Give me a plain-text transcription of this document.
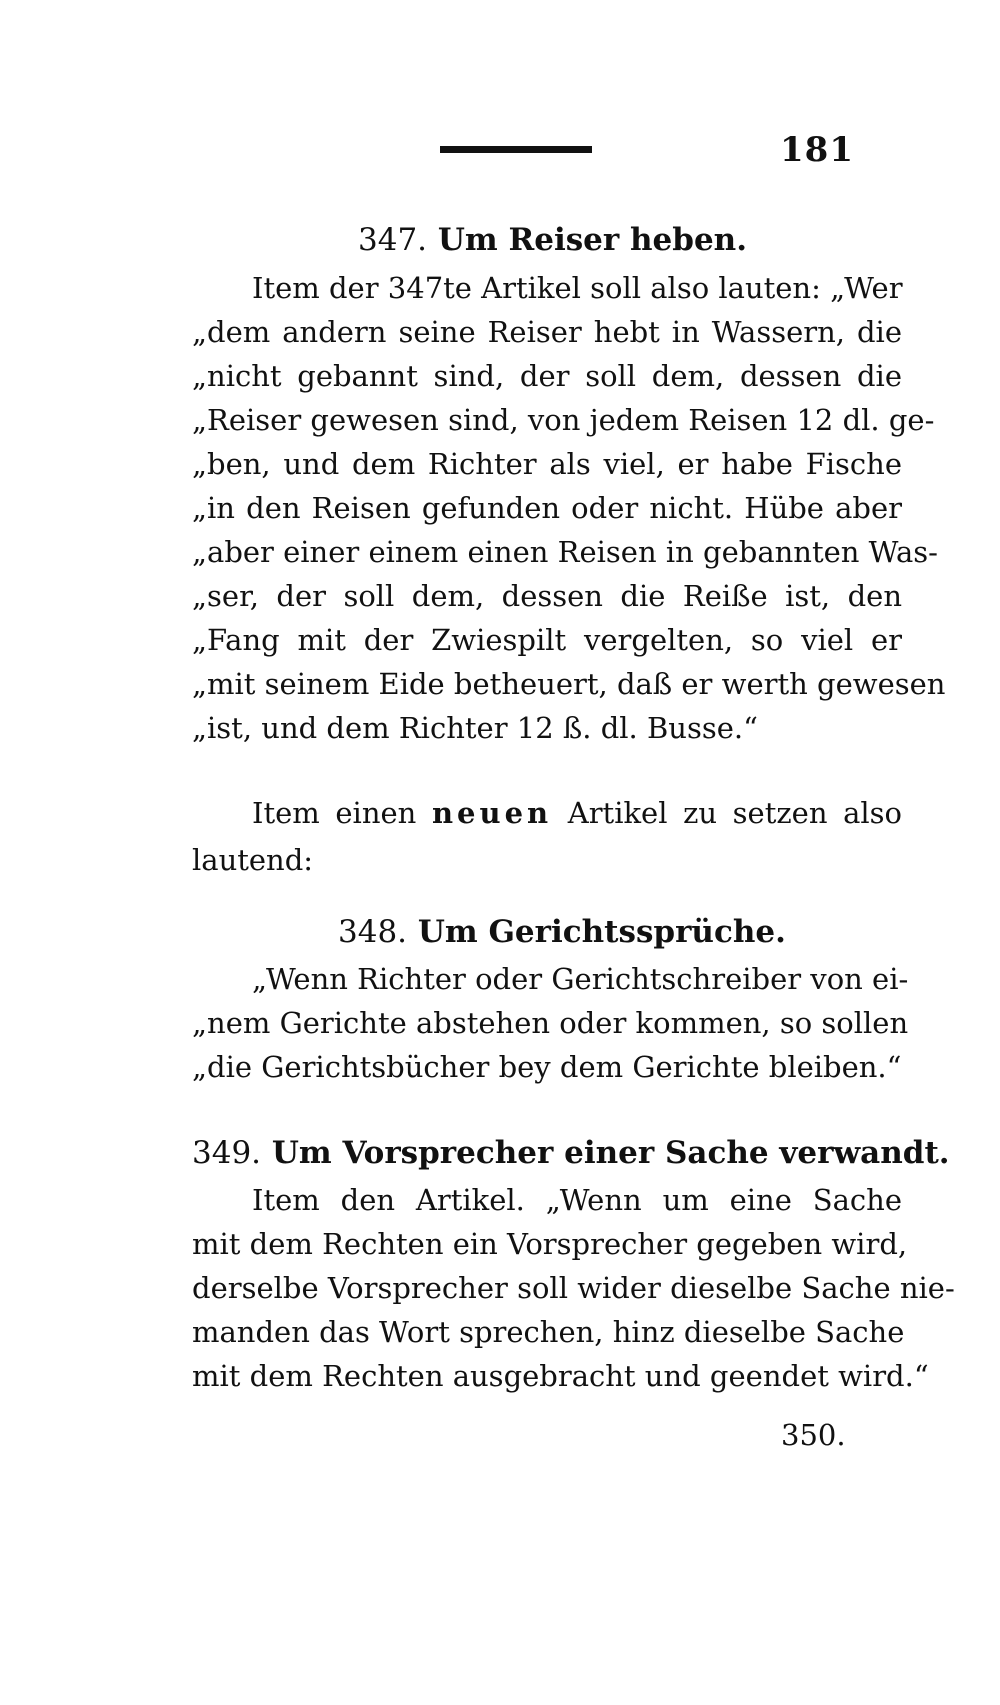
181
347. Um Reiser heben.
Item der 347te Artikel soll also lauten: „Wer
„dem andern seine Reiser hebt in Wassern, die
„nicht gebannt sind, der soll dem, dessen die
„Reiser gewesen sind, von jedem Reisen 12 dl. ge-
„ben, und dem Richter als viel, er habe Fische
„in den Reisen gefunden oder nicht. Hübe aber
„aber einer einem einen Reisen in gebannten Was-
„ser, der soll dem, dessen die Reiße ist, den
„Fang mit der Zwiespilt vergelten, so viel er
„mit seinem Eide betheuert, daß er werth gewesen
„ist, und dem Richter 12 ß. dl. Busse.“
Item einen neuen Artikel zu setzen also
lautend:
348. Um Gerichtssprüche.
„Wenn Richter oder Gerichtschreiber von ei-
„nem Gerichte abstehen oder kommen, so sollen
„die Gerichtsbücher bey dem Gerichte bleiben.“
349. Um Vorsprecher einer Sache verwandt.
Item den Artikel. „Wenn um eine Sache
mit dem Rechten ein Vorsprecher gegeben wird,
derselbe Vorsprecher soll wider dieselbe Sache nie-
manden das Wort sprechen, hinz dieselbe Sache
mit dem Rechten ausgebracht und geendet wird.“
350.
